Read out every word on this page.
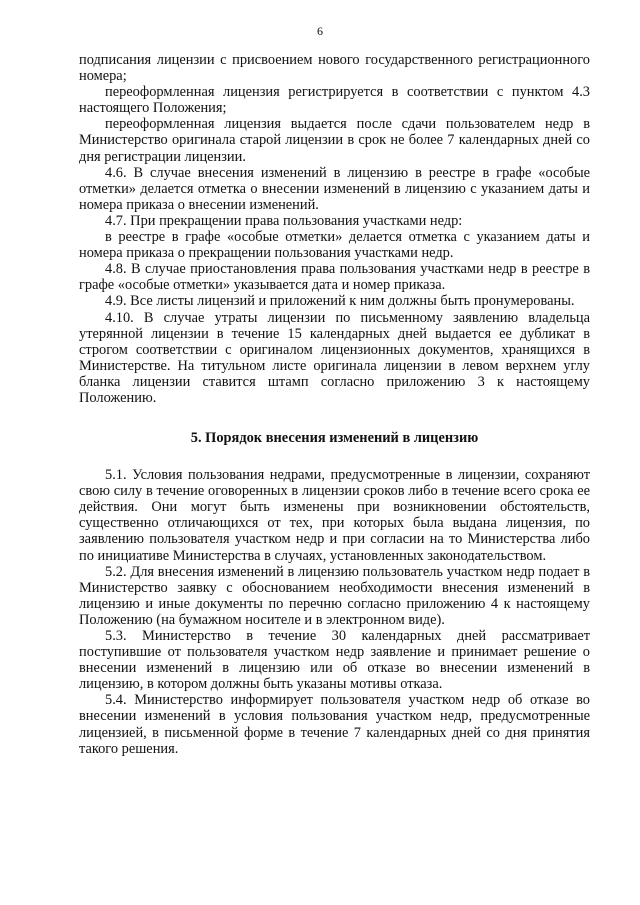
6

подписания лицензии с присвоением нового государственного регистрационного номера;

переоформленная лицензия регистрируется в соответствии с пунктом 4.3 настоящего Положения;

переоформленная лицензия выдается после сдачи пользователем недр в Министерство оригинала старой лицензии в срок не более 7 календарных дней со дня регистрации лицензии.

4.6. В случае внесения изменений в лицензию в реестре в графе «особые отметки» делается отметка о внесении изменений в лицензию с указанием даты и номера приказа о внесении изменений.

4.7. При прекращении права пользования участками недр:

в реестре в графе «особые отметки» делается отметка с указанием даты и номера приказа о прекращении пользования участками недр.

4.8. В случае приостановления права пользования участками недр в реестре в графе «особые отметки» указывается дата и номер приказа.

4.9. Все листы лицензий и приложений к ним должны быть пронумерованы.

4.10. В случае утраты лицензии по письменному заявлению владельца утерянной лицензии в течение 15 календарных дней выдается ее дубликат в строгом соответствии с оригиналом лицензионных документов, хранящихся в Министерстве. На титульном листе оригинала лицензии в левом верхнем углу бланка лицензии ставится штамп согласно приложению 3 к настоящему Положению.

5. Порядок внесения изменений в лицензию

5.1. Условия пользования недрами, предусмотренные в лицензии, сохраняют свою силу в течение оговоренных в лицензии сроков либо в течение всего срока ее действия. Они могут быть изменены при возникновении обстоятельств, существенно отличающихся от тех, при которых была выдана лицензия, по заявлению пользователя участком недр и при согласии на то Министерства либо по инициативе Министерства в случаях, установленных законодательством.

5.2. Для внесения изменений в лицензию пользователь участком недр подает в Министерство заявку с обоснованием необходимости внесения изменений в лицензию и иные документы по перечню согласно приложению 4 к настоящему Положению (на бумажном носителе и в электронном виде).

5.3. Министерство в течение 30 календарных дней рассматривает поступившие от пользователя участком недр заявление и принимает решение о внесении изменений в лицензию или об отказе во внесении изменений в лицензию, в котором должны быть указаны мотивы отказа.

5.4. Министерство информирует пользователя участком недр об отказе во внесении изменений в условия пользования участком недр, предусмотренные лицензией, в письменной форме в течение 7 календарных дней со дня принятия такого решения.
